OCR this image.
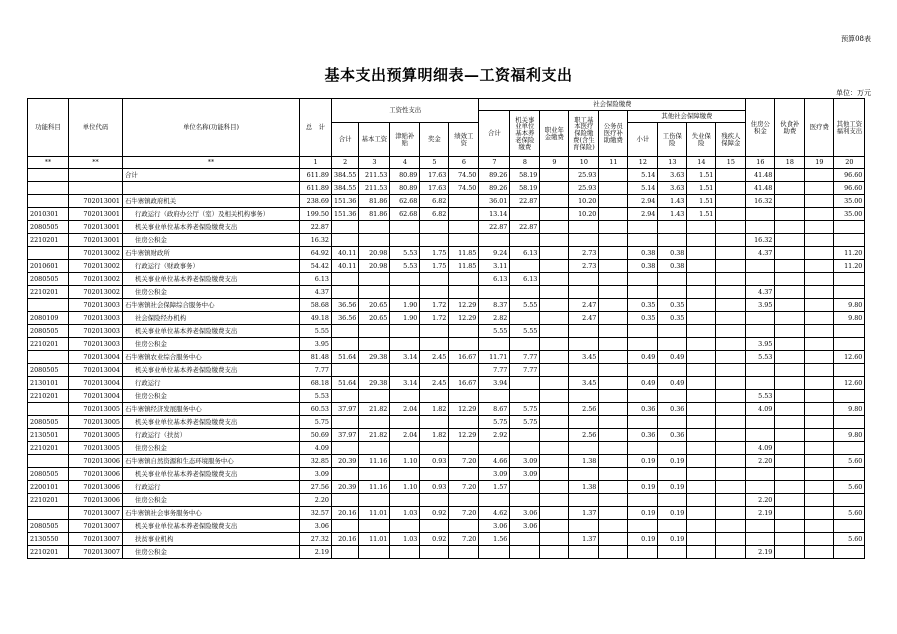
预算08表
基本支出预算明细表—工资福利支出
单位：万元
功能科目	单位代码	单位名称(功能科目)	总　计	工资性支出					社会保险缴费									住房公积金	伙食补助费	医疗费	其他工资福利支出
									合计	机关事业单位基本养老保险缴费	职业年金缴费	职工基本医疗保险缴费(含生育保险)	公务员医疗补助缴费	其他社会保障缴费							
				合计	基本工资	津贴补贴	奖金	绩效工资						小计	工伤保险	失业保险	残疾人保障金				
**	**	**	1	2	3	4	5	6	7	8	9	10	11	12	13	14	15	16	18	19	20
		合计	611.89	384.55	211.53	80.89	17.63	74.50	89.26	58.19		25.93		5.14	3.63	1.51		41.48			96.60
			611.89	384.55	211.53	80.89	17.63	74.50	89.26	58.19		25.93		5.14	3.63	1.51		41.48			96.60
	702013001	石牛寨镇政府机关	238.69	151.36	81.86	62.68	6.82		36.01	22.87		10.20		2.94	1.43	1.51		16.32			35.00
2010301	702013001	行政运行（政府办公厅（室）及相关机构事务）	199.50	151.36	81.86	62.68	6.82		13.14			10.20		2.94	1.43	1.51					35.00
2080505	702013001	机关事业单位基本养老保险缴费支出	22.87						22.87	22.87											
2210201	702013001	住房公积金	16.32															16.32			
	702013002	石牛寨镇财政所	64.92	40.11	20.98	5.53	1.75	11.85	9.24	6.13		2.73		0.38	0.38			4.37			11.20
2010601	702013002	行政运行（财政事务）	54.42	40.11	20.98	5.53	1.75	11.85	3.11			2.73		0.38	0.38						11.20
2080505	702013002	机关事业单位基本养老保险缴费支出	6.13						6.13	6.13											
2210201	702013002	住房公积金	4.37															4.37			
	702013003	石牛寨镇社会保障综合服务中心	58.68	36.56	20.65	1.90	1.72	12.29	8.37	5.55		2.47		0.35	0.35			3.95			9.80
2080109	702013003	社会保险经办机构	49.18	36.56	20.65	1.90	1.72	12.29	2.82			2.47		0.35	0.35						9.80
2080505	702013003	机关事业单位基本养老保险缴费支出	5.55						5.55	5.55											
2210201	702013003	住房公积金	3.95															3.95			
	702013004	石牛寨镇农业综合服务中心	81.48	51.64	29.38	3.14	2.45	16.67	11.71	7.77		3.45		0.49	0.49			5.53			12.60
2080505	702013004	机关事业单位基本养老保险缴费支出	7.77						7.77	7.77											
2130101	702013004	行政运行	68.18	51.64	29.38	3.14	2.45	16.67	3.94			3.45		0.49	0.49						12.60
2210201	702013004	住房公积金	5.53															5.53			
	702013005	石牛寨镇经济发展服务中心	60.53	37.97	21.82	2.04	1.82	12.29	8.67	5.75		2.56		0.36	0.36			4.09			9.80
2080505	702013005	机关事业单位基本养老保险缴费支出	5.75						5.75	5.75											
2130501	702013005	行政运行（扶贫）	50.69	37.97	21.82	2.04	1.82	12.29	2.92			2.56		0.36	0.36						9.80
2210201	702013005	住房公积金	4.09															4.09			
	702013006	石牛寨镇自然资源和生态环境服务中心	32.85	20.39	11.16	1.10	0.93	7.20	4.66	3.09		1.38		0.19	0.19			2.20			5.60
2080505	702013006	机关事业单位基本养老保险缴费支出	3.09						3.09	3.09											
2200101	702013006	行政运行	27.56	20.39	11.16	1.10	0.93	7.20	1.57			1.38		0.19	0.19						5.60
2210201	702013006	住房公积金	2.20															2.20			
	702013007	石牛寨镇社会事务服务中心	32.57	20.16	11.01	1.03	0.92	7.20	4.62	3.06		1.37		0.19	0.19			2.19			5.60
2080505	702013007	机关事业单位基本养老保险缴费支出	3.06						3.06	3.06											
2130550	702013007	扶贫事业机构	27.32	20.16	11.01	1.03	0.92	7.20	1.56			1.37		0.19	0.19						5.60
2210201	702013007	住房公积金	2.19															2.19			
